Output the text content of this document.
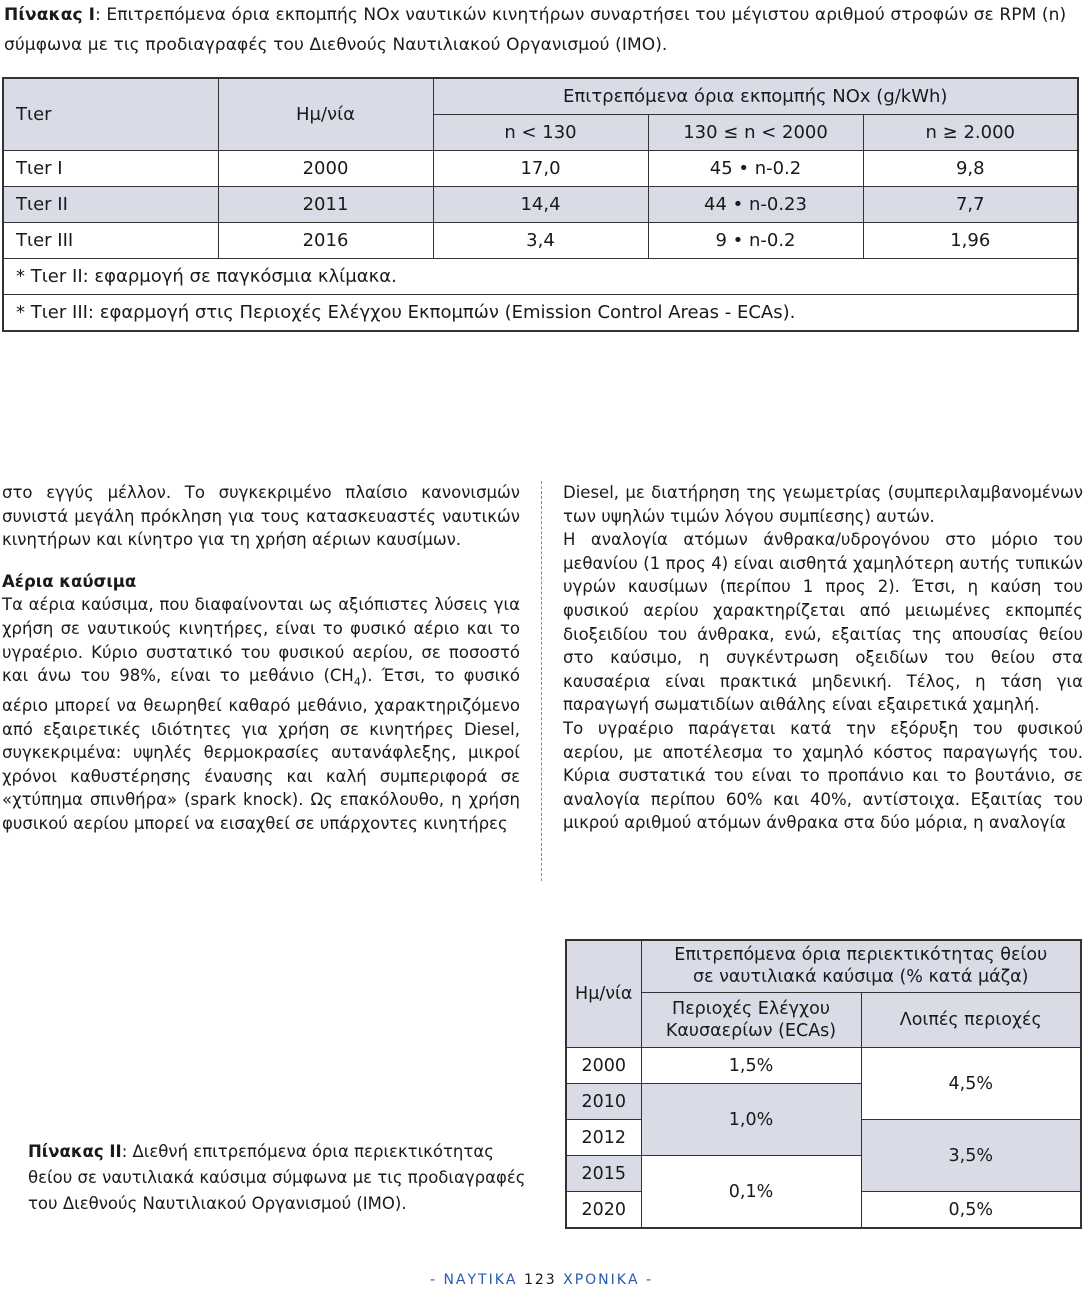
Πίνακας Ι: Επιτρεπόμενα όρια εκπομπής NOx ναυτικών κινητήρων συναρτήσει του μέγιστου αριθμού στροφών σε RPM (n) σύμφωνα με τις προδιαγραφές του Διεθνούς Ναυτιλιακού Οργανισμού (ΙΜΟ).
Tιer	Ημ/νία	Επιτρεπόμενα όρια εκπομπής NOx (g/kWh)		
		n < 130	130 ≤ n < 2000	n ≥ 2.000
Tιer I	2000	17,0	45 • n-0.2	9,8
Tιer II	2011	14,4	44 • n-0.23	7,7
Tιer III	2016	3,4	9 • n-0.2	1,96
* Tιer II: εφαρμογή σε παγκόσμια κλίμακα.				
* Tιer III: εφαρμογή στις Περιοχές Ελέγχου Εκπομπών (Emission Control Areas - ECAs).				

στο εγγύς μέλλον. Το συγκεκριμένο πλαίσιο κανονισμών συνιστά μεγάλη πρόκληση για τους κατασκευαστές ναυτικών κινητήρων και κίνητρο για τη χρήση αέριων καυσίμων.

Αέρια καύσιμα

Τα αέρια καύσιμα, που διαφαίνονται ως αξιόπιστες λύσεις για χρήση σε ναυτικούς κινητήρες, είναι το φυσικό αέριο και το υγραέριο. Κύριο συστατικό του φυσικού αερίου, σε ποσοστό και άνω του 98%, είναι το μεθάνιο $(CH_4)$. Έτσι, το φυσικό αέριο μπορεί να θεωρηθεί καθαρό μεθάνιο, χαρακτηριζόμενο από εξαιρετικές ιδιότητες για χρήση σε κινητήρες Diesel, συγκεκριμένα: υψηλές θερμοκρασίες αυτανάφλεξης, μικροί χρόνοι καθυστέρησης έναυσης και καλή συμπεριφορά σε «χτύπημα σπινθήρα» (spark knock). Ως επακόλουθο, η χρήση φυσικού αερίου μπορεί να εισαχθεί σε υπάρχοντες κινητήρες

Diesel, με διατήρηση της γεωμετρίας (συμπεριλαμβανομένων των υψηλών τιμών λόγου συμπίεσης) αυτών.

Η αναλογία ατόμων άνθρακα/υδρογόνου στο μόριο του μεθανίου (1 προς 4) είναι αισθητά χαμηλότερη αυτής τυπικών υγρών καυσίμων (περίπου 1 προς 2). Έτσι, η καύση του φυσικού αερίου χαρακτηρίζεται από μειωμένες εκπομπές διοξειδίου του άνθρακα, ενώ, εξαιτίας της απουσίας θείου στο καύσιμο, η συγκέντρωση οξειδίων του θείου στα καυσαέρια είναι πρακτικά μηδενική. Τέλος, η τάση για παραγωγή σωματιδίων αιθάλης είναι εξαιρετικά χαμηλή.

Το υγραέριο παράγεται κατά την εξόρυξη του φυσικού αερίου, με αποτέλεσμα το χαμηλό κόστος παραγωγής του. Κύρια συστατικά του είναι το προπάνιο και το βουτάνιο, σε αναλογία περίπου 60% και 40%, αντίστοιχα. Εξαιτίας του μικρού αριθμού ατόμων άνθρακα στα δύο μόρια, η αναλογία

Ημ/νία	Επιτρεπόμενα όρια περιεκτικότητας θείου
σε ναυτιλιακά καύσιμα (% κατά μάζα)	

	Περιοχές Ελέγχου
Καυσαερίων (ECAs)	Λοιπές περιοχές
2000	1,5%	4,5%
2010	1,0%	
2012		3,5%
2015	0,1%	
2020		0,5%
Πίνακας ΙΙ: Διεθνή επιτρεπόμενα όρια περιεκτικότητας θείου σε ναυτιλιακά καύσιμα σύμφωνα με τις προδιαγραφές του Διεθνούς Ναυτιλιακού Οργανισμού (ΙΜΟ).
- ΝΑΥΤΙΚΑ 123 ΧΡΟΝΙΚΑ -
